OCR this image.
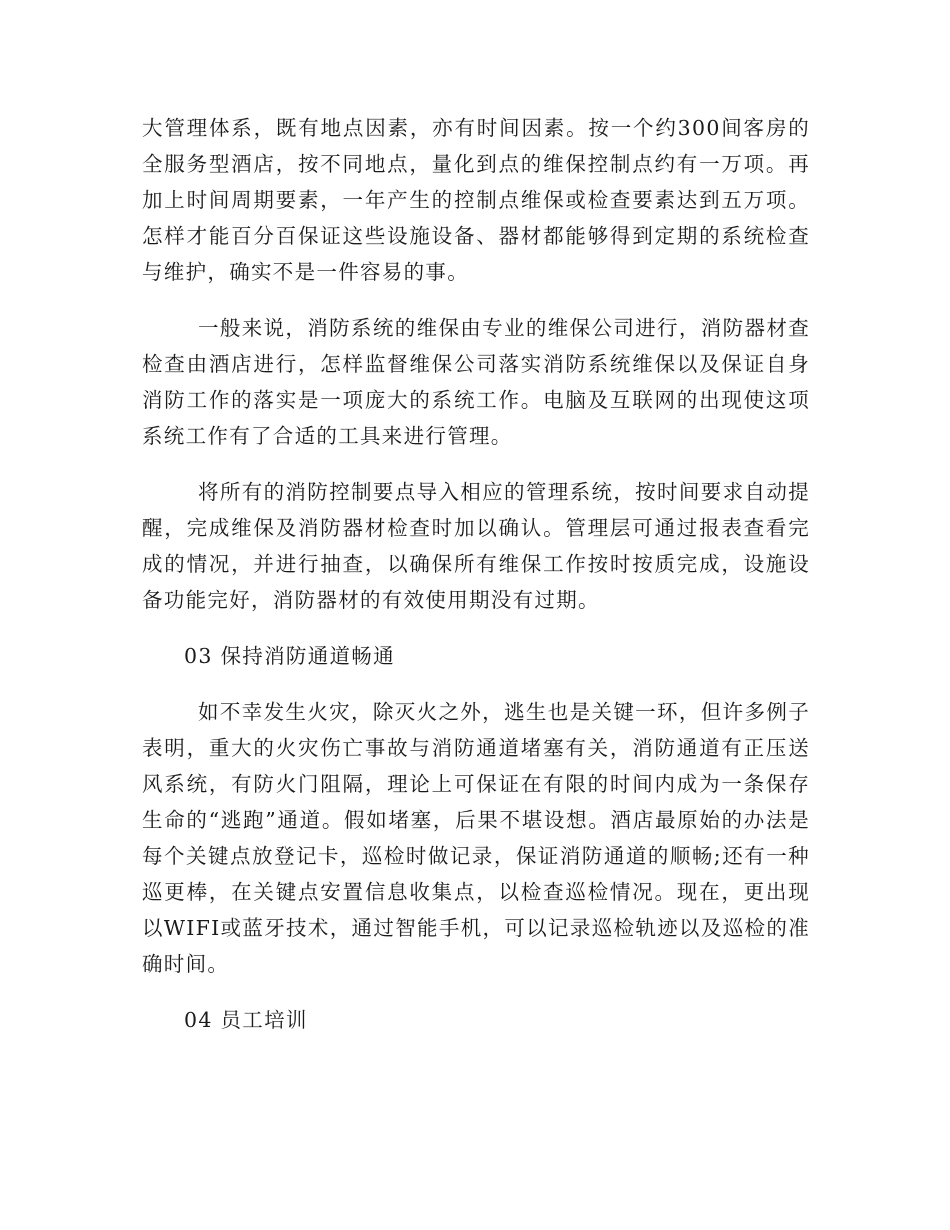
大管理体系，既有地点因素，亦有时间因素。按一个约300间客房的全服务型酒店，按不同地点，量化到点的维保控制点约有一万项。再加上时间周期要素，一年产生的控制点维保或检查要素达到五万项。怎样才能百分百保证这些设施设备、器材都能够得到定期的系统检查与维护，确实不是一件容易的事。

一般来说，消防系统的维保由专业的维保公司进行，消防器材查检查由酒店进行，怎样监督维保公司落实消防系统维保以及保证自身消防工作的落实是一项庞大的系统工作。电脑及互联网的出现使这项系统工作有了合适的工具来进行管理。

将所有的消防控制要点导入相应的管理系统，按时间要求自动提醒，完成维保及消防器材检查时加以确认。管理层可通过报表查看完成的情况，并进行抽查，以确保所有维保工作按时按质完成，设施设备功能完好，消防器材的有效使用期没有过期。

03 保持消防通道畅通

如不幸发生火灾，除灭火之外，逃生也是关键一环，但许多例子表明，重大的火灾伤亡事故与消防通道堵塞有关，消防通道有正压送风系统，有防火门阻隔，理论上可保证在有限的时间内成为一条保存生命的“逃跑”通道。假如堵塞，后果不堪设想。酒店最原始的办法是每个关键点放登记卡，巡检时做记录，保证消防通道的顺畅;还有一种巡更棒，在关键点安置信息收集点，以检查巡检情况。现在，更出现以WIFI或蓝牙技术，通过智能手机，可以记录巡检轨迹以及巡检的准确时间。

04 员工培训
